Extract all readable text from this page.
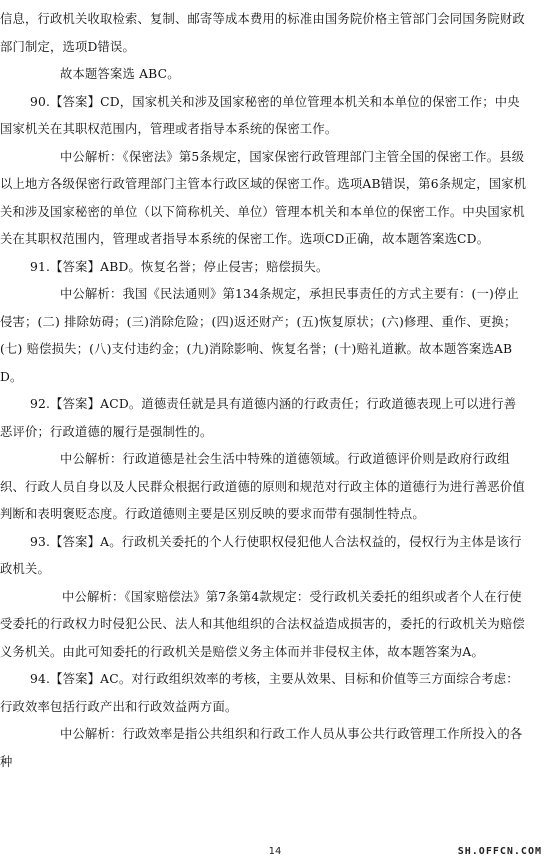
信息，行政机关收取检索、复制、邮寄等成本费用的标准由国务院价格主管部门会同国务院财政部门制定，选项D错误。

故本题答案选 ABC。

90.【答案】CD，国家机关和涉及国家秘密的单位管理本机关和本单位的保密工作；中央国家机关在其职权范围内，管理或者指导本系统的保密工作。

中公解析：《保密法》第5条规定，国家保密行政管理部门主管全国的保密工作。县级以上地方各级保密行政管理部门主管本行政区域的保密工作。选项AB错误，第6条规定，国家机关和涉及国家秘密的单位（以下简称机关、单位）管理本机关和本单位的保密工作。中央国家机关在其职权范围内，管理或者指导本系统的保密工作。选项CD正确，故本题答案选CD。

91.【答案】ABD。恢复名誉；停止侵害；赔偿损失。

中公解析：我国《民法通则》第134条规定，承担民事责任的方式主要有：(一)停止侵害；(二) 排除妨碍；(三)消除危险；(四)返还财产；(五)恢复原状；(六)修理、重作、更换；(七) 赔偿损失；(八)支付违约金；(九)消除影响、恢复名誉；(十)赔礼道歉。故本题答案选ABD。

92.【答案】ACD。道德责任就是具有道德内涵的行政责任；行政道德表现上可以进行善恶评价；行政道德的履行是强制性的。

中公解析：行政道德是社会生活中特殊的道德领域。行政道德评价则是政府行政组织、行政人员自身以及人民群众根据行政道德的原则和规范对行政主体的道德行为进行善恶价值判断和表明褒贬态度。行政道德则主要是区别反映的要求而带有强制性特点。

93.【答案】A。行政机关委托的个人行使职权侵犯他人合法权益的，侵权行为主体是该行政机关。

中公解析：《国家赔偿法》第7条第4款规定：受行政机关委托的组织或者个人在行使受委托的行政权力时侵犯公民、法人和其他组织的合法权益造成损害的，委托的行政机关为赔偿义务机关。由此可知委托的行政机关是赔偿义务主体而并非侵权主体，故本题答案为A。

94.【答案】AC。对行政组织效率的考核，主要从效果、目标和价值等三方面综合考虑：行政效率包括行政产出和行政效益两方面。

中公解析：行政效率是指公共组织和行政工作人员从事公共行政管理工作所投入的各种

14	SH.OFFCN.COM
